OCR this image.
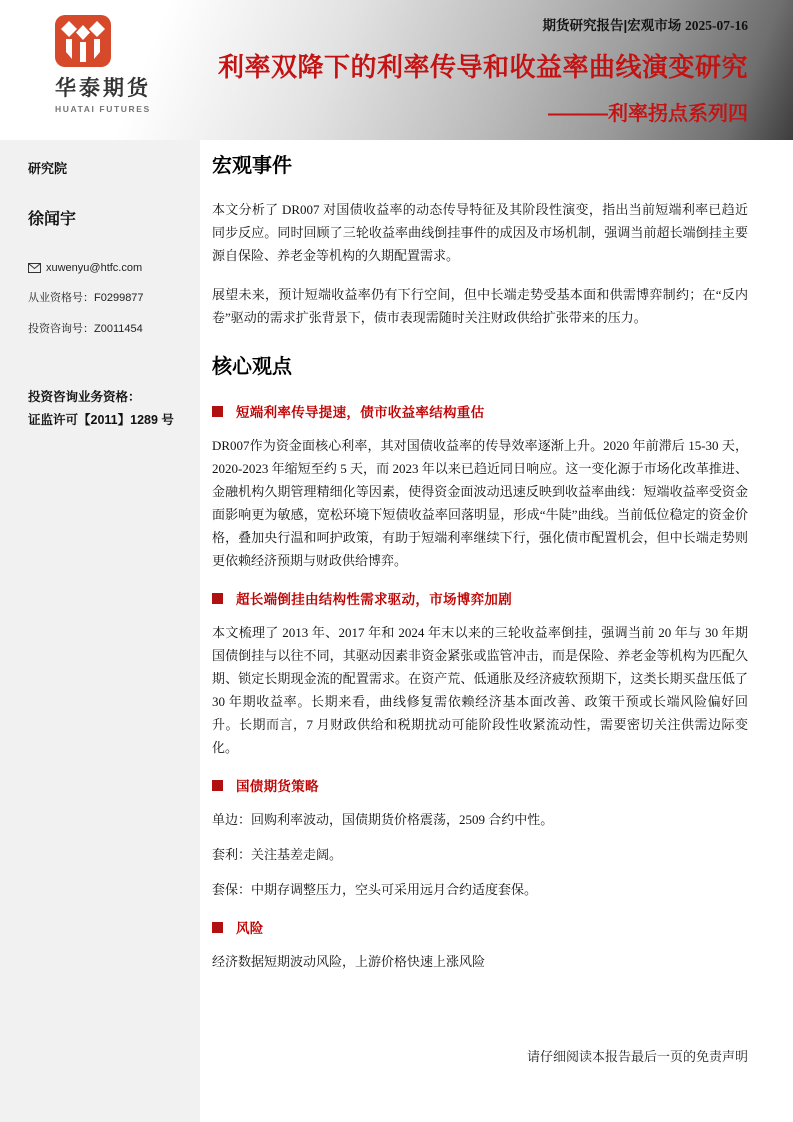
华泰期货
HUATAI FUTURES
期货研究报告|宏观市场 2025-07-16
利率双降下的利率传导和收益率曲线演变研究
———利率拐点系列四
研究院
徐闻宇
xuwenyu@htfc.com
从业资格号：F0299877
投资咨询号：Z0011454
投资咨询业务资格：
证监许可【2011】1289 号
宏观事件

本文分析了 DR007 对国债收益率的动态传导特征及其阶段性演变，指出当前短端利率已趋近同步反应。同时回顾了三轮收益率曲线倒挂事件的成因及市场机制，强调当前超长端倒挂主要源自保险、养老金等机构的久期配置需求。

展望未来，预计短端收益率仍有下行空间，但中长端走势受基本面和供需博弈制约；在“反内卷”驱动的需求扩张背景下，债市表现需随时关注财政供给扩张带来的压力。

核心观点
短端利率传导提速，债市收益率结构重估

DR007作为资金面核心利率，其对国债收益率的传导效率逐渐上升。2020 年前滞后 15-30 天，2020-2023 年缩短至约 5 天，而 2023 年以来已趋近同日响应。这一变化源于市场化改革推进、金融机构久期管理精细化等因素，使得资金面波动迅速反映到收益率曲线：短端收益率受资金面影响更为敏感，宽松环境下短债收益率回落明显，形成“牛陡”曲线。当前低位稳定的资金价格，叠加央行温和呵护政策，有助于短端利率继续下行，强化债市配置机会，但中长端走势则更依赖经济预期与财政供给博弈。

超长端倒挂由结构性需求驱动，市场博弈加剧

本文梳理了 2013 年、2017 年和 2024 年末以来的三轮收益率倒挂，强调当前 20 年与 30 年期国债倒挂与以往不同，其驱动因素非资金紧张或监管冲击，而是保险、养老金等机构为匹配久期、锁定长期现金流的配置需求。在资产荒、低通胀及经济疲软预期下，这类长期买盘压低了 30 年期收益率。长期来看，曲线修复需依赖经济基本面改善、政策干预或长端风险偏好回升。长期而言，7 月财政供给和税期扰动可能阶段性收紧流动性，需要密切关注供需边际变化。

国债期货策略

单边：回购利率波动，国债期货价格震荡，2509 合约中性。

套利：关注基差走阔。

套保：中期存调整压力，空头可采用远月合约适度套保。

风险

经济数据短期波动风险，上游价格快速上涨风险

请仔细阅读本报告最后一页的免责声明
